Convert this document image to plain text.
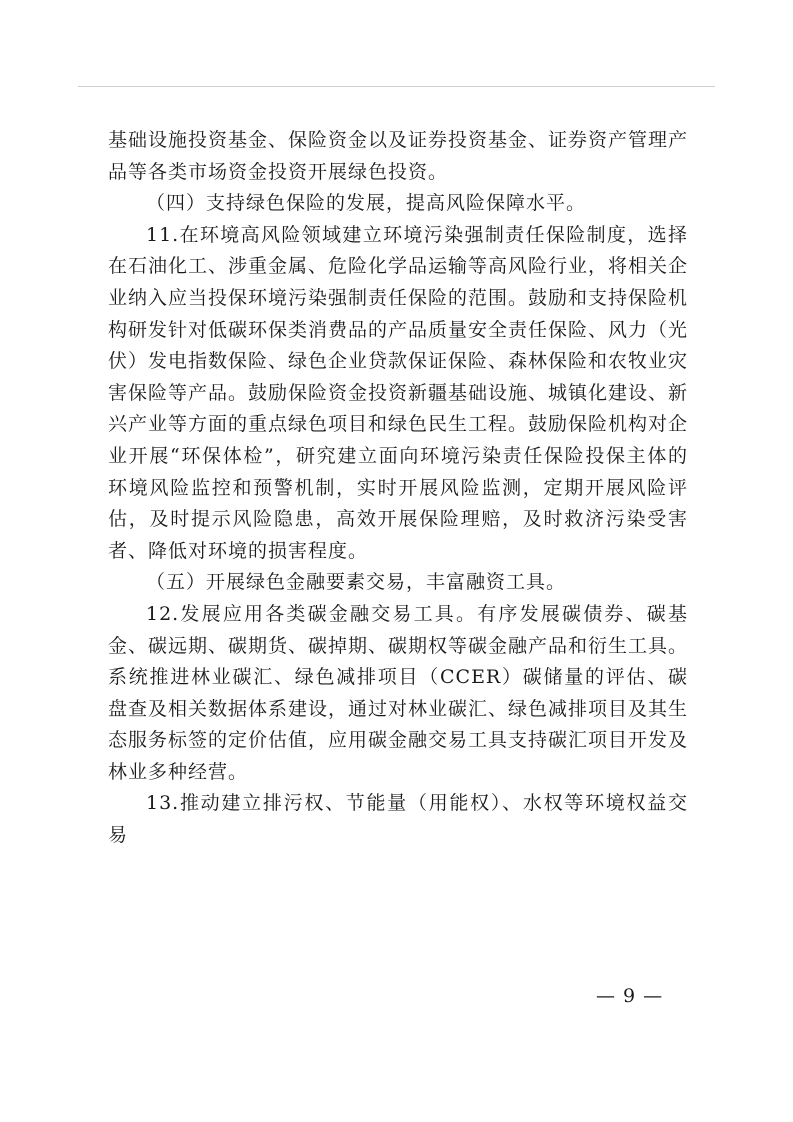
基础设施投资基金、保险资金以及证券投资基金、证券资产管理产品等各类市场资金投资开展绿色投资。

（四）支持绿色保险的发展，提高风险保障水平。

11.在环境高风险领域建立环境污染强制责任保险制度，选择在石油化工、涉重金属、危险化学品运输等高风险行业，将相关企业纳入应当投保环境污染强制责任保险的范围。鼓励和支持保险机构研发针对低碳环保类消费品的产品质量安全责任保险、风力（光伏）发电指数保险、绿色企业贷款保证保险、森林保险和农牧业灾害保险等产品。鼓励保险资金投资新疆基础设施、城镇化建设、新兴产业等方面的重点绿色项目和绿色民生工程。鼓励保险机构对企业开展“环保体检”，研究建立面向环境污染责任保险投保主体的环境风险监控和预警机制，实时开展风险监测，定期开展风险评估，及时提示风险隐患，高效开展保险理赔，及时救济污染受害者、降低对环境的损害程度。

（五）开展绿色金融要素交易，丰富融资工具。

12.发展应用各类碳金融交易工具。有序发展碳债券、碳基金、碳远期、碳期货、碳掉期、碳期权等碳金融产品和衍生工具。系统推进林业碳汇、绿色减排项目（CCER）碳储量的评估、碳盘查及相关数据体系建设，通过对林业碳汇、绿色减排项目及其生态服务标签的定价估值，应用碳金融交易工具支持碳汇项目开发及林业多种经营。

13.推动建立排污权、节能量（用能权）、水权等环境权益交易

— 9 —
